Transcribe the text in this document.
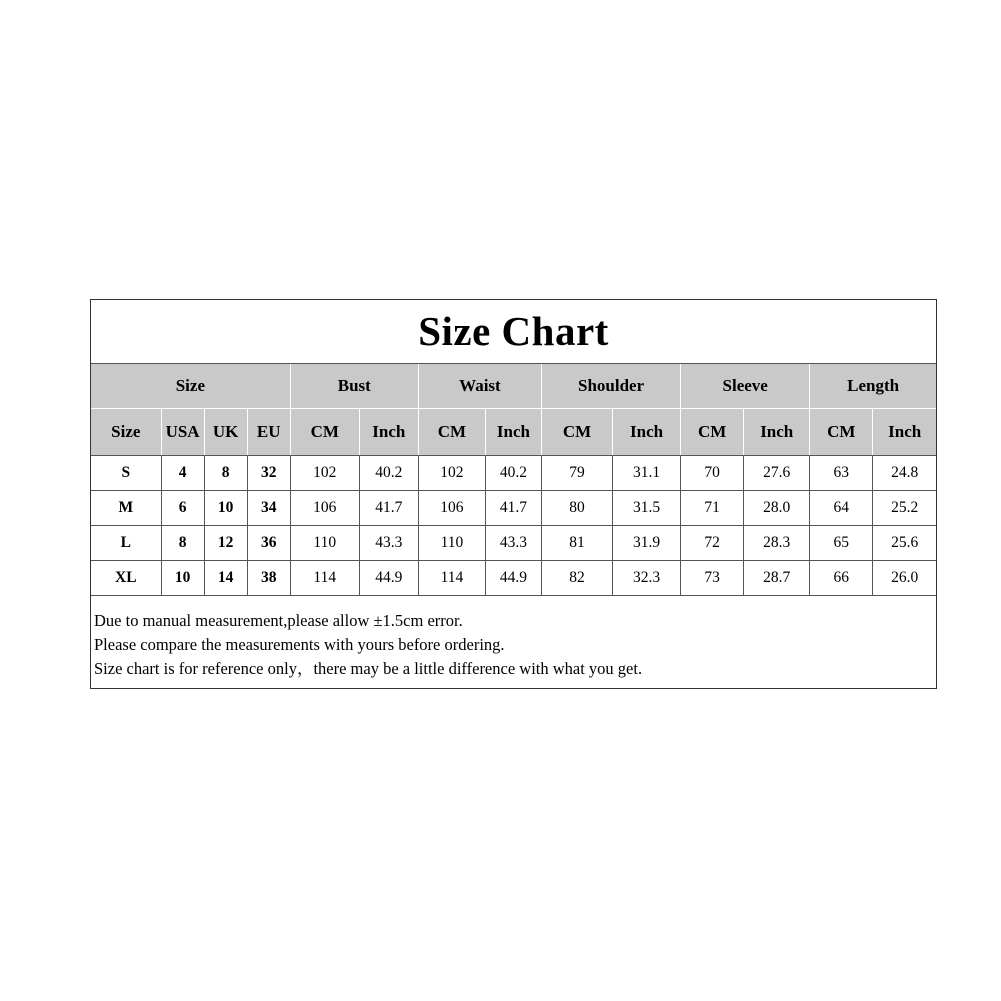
Size Chart
Size				Bust		Waist		Shoulder		Sleeve		Length	
Size	USA	UK	EU	CM	Inch	CM	Inch	CM	Inch	CM	Inch	CM	Inch
S	4	8	32	102	40.2	102	40.2	79	31.1	70	27.6	63	24.8
M	6	10	34	106	41.7	106	41.7	80	31.5	71	28.0	64	25.2
L	8	12	36	110	43.3	110	43.3	81	31.9	72	28.3	65	25.6
XL	10	14	38	114	44.9	114	44.9	82	32.3	73	28.7	66	26.0
Due to manual measurement,please allow ±1.5cm error.
Please compare the measurements with yours before ordering.
Size chart is for reference only，there may be a little difference with what you get.
